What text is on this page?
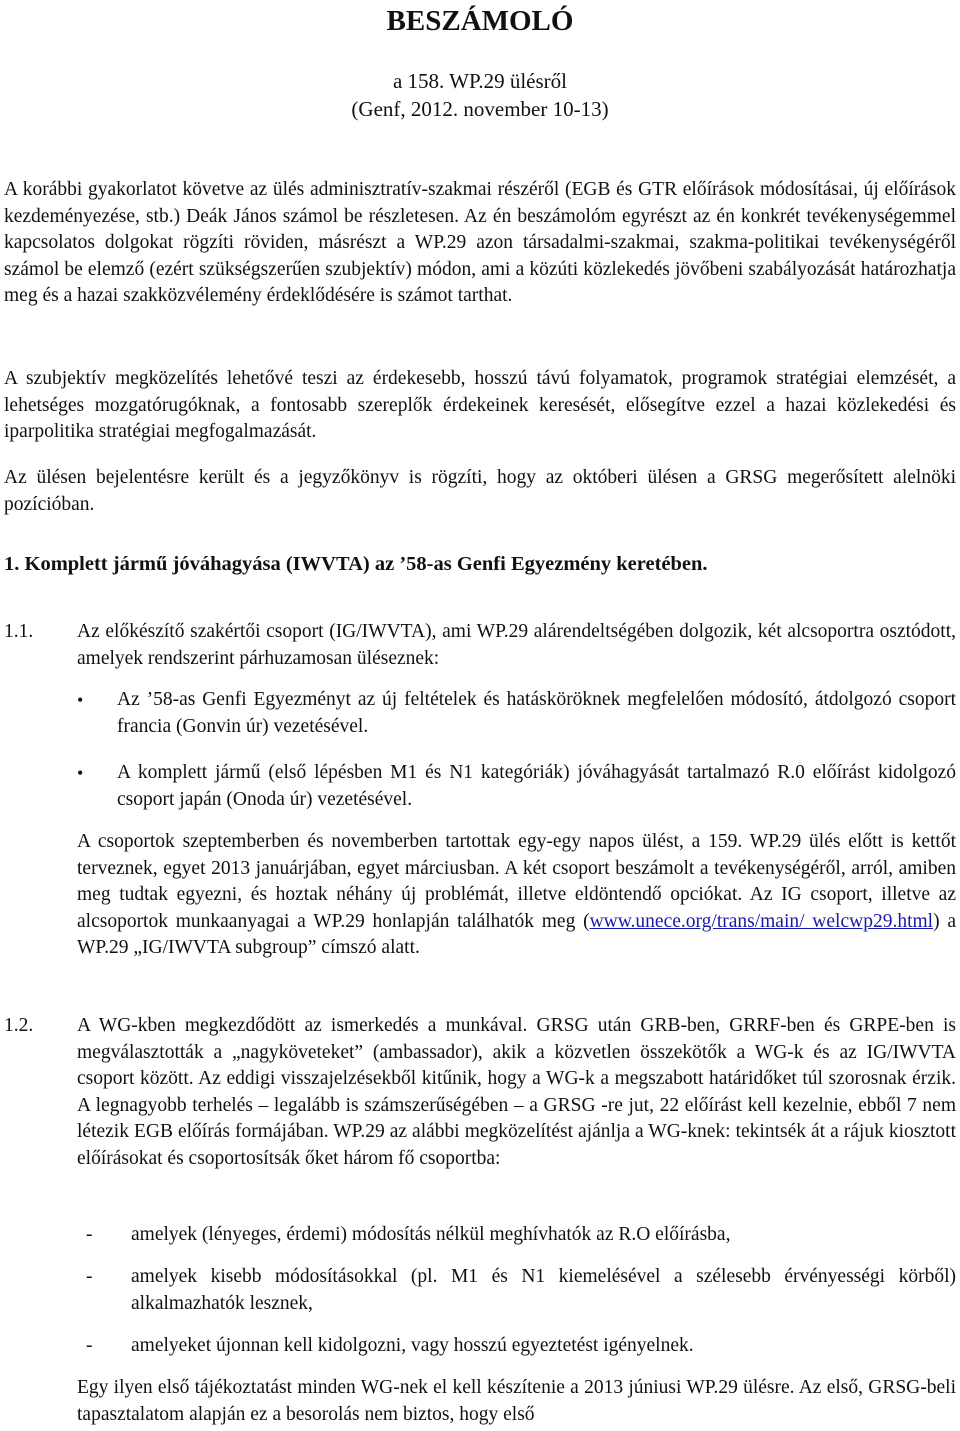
BESZÁMOLÓ
a 158. WP.29 ülésről
(Genf, 2012. november 10-13)
A korábbi gyakorlatot követve az ülés adminisztratív-szakmai részéről (EGB és GTR előírások módosításai, új előírások kezdeményezése, stb.) Deák János számol be részletesen. Az én beszámolóm egyrészt az én konkrét tevékenységemmel kapcsolatos dolgokat rögzíti röviden, másrészt a WP.29 azon társadalmi-szakmai, szakma-politikai tevékenységéről számol be elemző (ezért szükségszerűen szubjektív) módon, ami a közúti közlekedés jövőbeni szabályozását határozhatja meg és a hazai szakközvélemény érdeklődésére is számot tarthat.
A szubjektív megközelítés lehetővé teszi az érdekesebb, hosszú távú folyamatok, programok stratégiai elemzését, a lehetséges mozgatórugóknak, a fontosabb szereplők érdekeinek keresését, elősegítve ezzel a hazai közlekedési és iparpolitika stratégiai megfogalmazását.
Az ülésen bejelentésre került és a jegyzőkönyv is rögzíti, hogy az októberi ülésen a GRSG megerősített alelnöki pozícióban.
1. Komplett jármű jóváhagyása (IWVTA) az ’58-as Genfi Egyezmény keretében.
1.1. Az előkészítő szakértői csoport (IG/IWVTA), ami WP.29 alárendeltségében dolgozik, két alcsoportra osztódott, amelyek rendszerint párhuzamosan üléseznek:
• Az ’58-as Genfi Egyezményt az új feltételek és hatásköröknek megfelelően módosító, átdolgozó csoport francia (Gonvin úr) vezetésével.
• A komplett jármű (első lépésben M1 és N1 kategóriák) jóváhagyását tartalmazó R.0 előírást kidolgozó csoport japán (Onoda úr) vezetésével.
A csoportok szeptemberben és novemberben tartottak egy-egy napos ülést, a 159. WP.29 ülés előtt is kettőt terveznek, egyet 2013 januárjában, egyet márciusban. A két csoport beszámolt a tevékenységéről, arról, amiben meg tudtak egyezni, és hoztak néhány új problémát, illetve eldöntendő opciókat. Az IG csoport, illetve az alcsoportok munkaanyagai a WP.29 honlapján találhatók meg (www.unece.org/trans/main/ welcwp29.html) a WP.29 „IG/IWVTA subgroup” címszó alatt.
1.2. A WG-kben megkezdődött az ismerkedés a munkával. GRSG után GRB-ben, GRRF-ben és GRPE-ben is megválasztották a „nagyköveteket” (ambassador), akik a közvetlen összekötők a WG-k és az IG/IWVTA csoport között. Az eddigi visszajelzésekből kitűnik, hogy a WG-k a megszabott határidőket túl szorosnak érzik. A legnagyobb terhelés – legalább is számszerűségében – a GRSG -re jut, 22 előírást kell kezelnie, ebből 7 nem létezik EGB előírás formájában. WP.29 az alábbi megközelítést ajánlja a WG-knek: tekintsék át a rájuk kiosztott előírásokat és csoportosítsák őket három fő csoportba:
- amelyek (lényeges, érdemi) módosítás nélkül meghívhatók az R.O előírásba,
- amelyek kisebb módosításokkal (pl. M1 és N1 kiemelésével a szélesebb érvényességi körből) alkalmazhatók lesznek,
- amelyeket újonnan kell kidolgozni, vagy hosszú egyeztetést igényelnek.
Egy ilyen első tájékoztatást minden WG-nek el kell készítenie a 2013 júniusi WP.29 ülésre. Az első, GRSG-beli tapasztalatom alapján ez a besorolás nem biztos, hogy első
